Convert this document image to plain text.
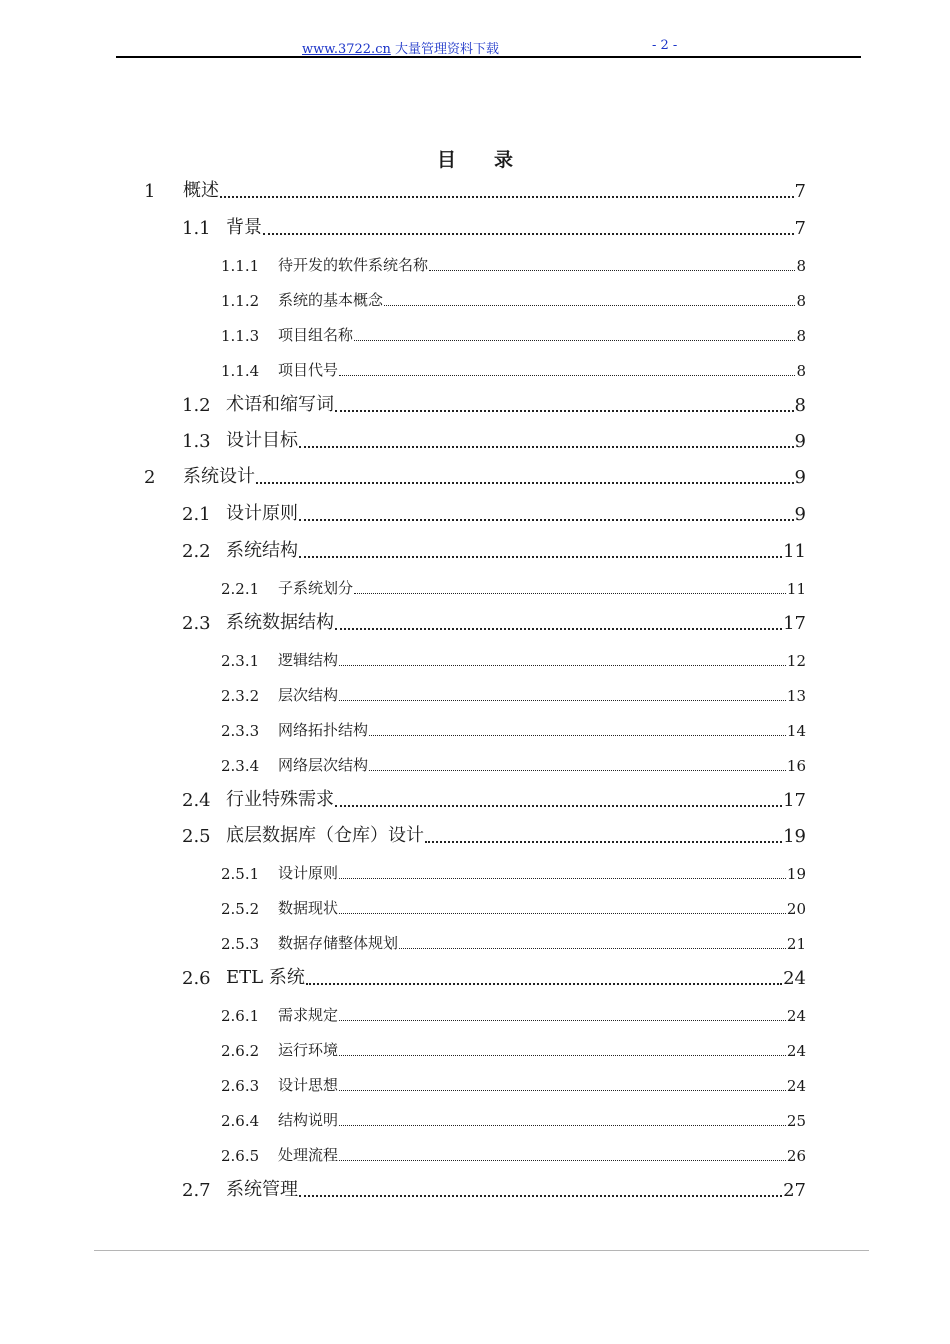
www.3722.cn 大量管理资料下载	- 2 -
目录
1	概述	7
1.1 背景	7
1.1.1	待开发的软件系统名称	8
1.1.2	系统的基本概念	8
1.1.3	项目组名称	8
1.1.4	项目代号	8
1.2 术语和缩写词	8
1.3 设计目标	9
2	系统设计	9
2.1 设计原则	9
2.2 系统结构	11
2.2.1	子系统划分	11
2.3 系统数据结构	17
2.3.1	逻辑结构	12
2.3.2	层次结构	13
2.3.3	网络拓扑结构	14
2.3.4	网络层次结构	16
2.4 行业特殊需求	17
2.5 底层数据库（仓库）设计	19
2.5.1	设计原则	19
2.5.2	数据现状	20
2.5.3	数据存储整体规划	21
2.6 ETL 系统	24
2.6.1	需求规定	24
2.6.2	运行环境	24
2.6.3	设计思想	24
2.6.4	结构说明	25
2.6.5	处理流程	26
2.7 系统管理	27
